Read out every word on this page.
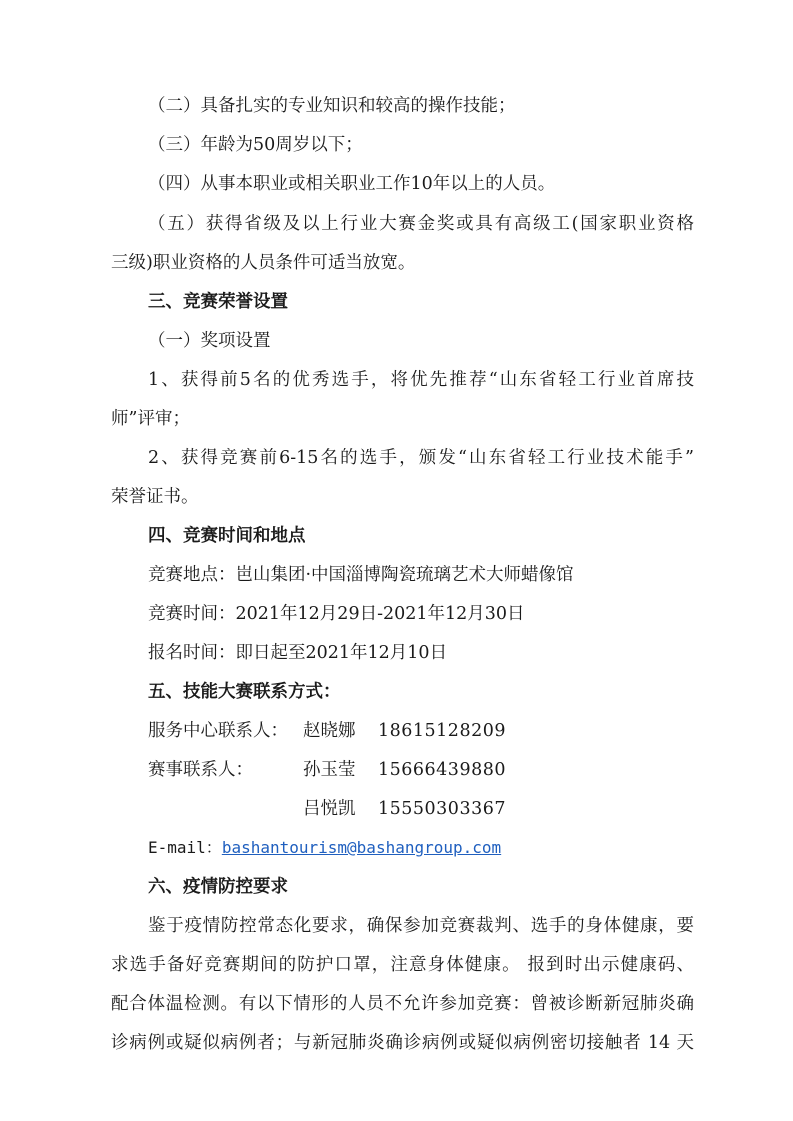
（二）具备扎实的专业知识和较高的操作技能；
（三）年龄为50周岁以下；
（四）从事本职业或相关职业工作10年以上的人员。
（五）获得省级及以上行业大赛金奖或具有高级工(国家职业资格
三级)职业资格的人员条件可适当放宽。
三、竞赛荣誉设置
（一）奖项设置
1、获得前5名的优秀选手，将优先推荐“山东省轻工行业首席技
师”评审；
2、获得竞赛前6-15名的选手，颁发“山东省轻工行业技术能手”
荣誉证书。
四、竞赛时间和地点
竞赛地点：岜山集团·中国淄博陶瓷琉璃艺术大师蜡像馆
竞赛时间：2021年12月29日-2021年12月30日
报名时间：即日起至2021年12月10日
五、技能大赛联系方式：
服务中心联系人： 赵晓娜 18615128209
赛事联系人：	孙玉莹 15666439880
吕悦凯 15550303367
E-mail：bashantourism@bashangroup.com
六、疫情防控要求
鉴于疫情防控常态化要求，确保参加竞赛裁判、选手的身体健康，要
求选手备好竞赛期间的防护口罩，注意身体健康。 报到时出示健康码、
配合体温检测。有以下情形的人员不允许参加竞赛：曾被诊断新冠肺炎确
诊病例或疑似病例者；与新冠肺炎确诊病例或疑似病例密切接触者 14 天
